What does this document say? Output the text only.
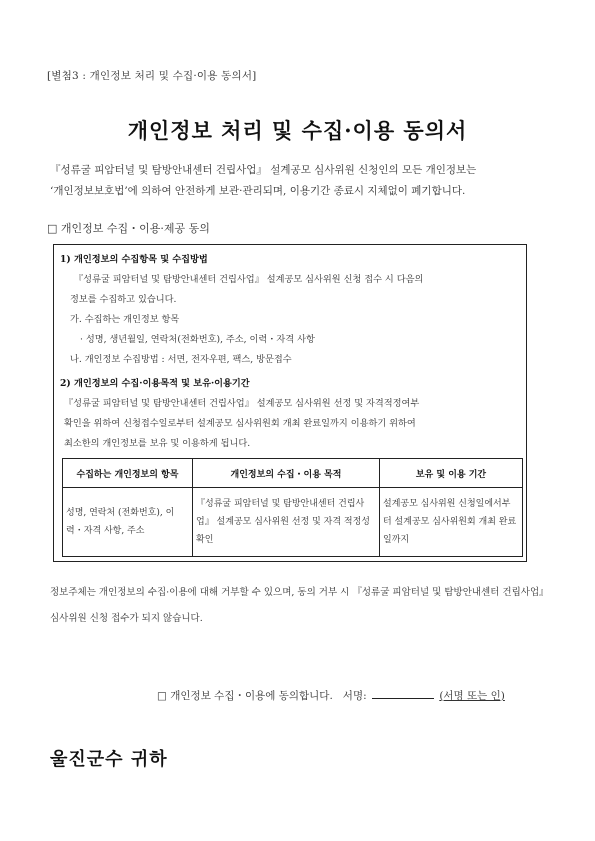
[별첨3 : 개인정보 처리 및 수집·이용 동의서]
개인정보 처리 및 수집·이용 동의서
『성류굴 피암터널 및 탐방안내센터 건립사업』 설계공모 심사위원 신청인의 모든 개인정보는
‘개인정보보호법’에 의하여 안전하게 보관·관리되며, 이용기간 종료시 지체없이 폐기합니다.
□ 개인정보 수집・이용·제공 동의
1) 개인정보의 수집항목 및 수집방법
『성류굴 피암터널 및 탐방안내센터 건립사업』 설계공모 심사위원 신청 접수 시 다음의
정보를 수집하고 있습니다.
가. 수집하는 개인정보 항목
· 성명, 생년월일, 연락처(전화번호), 주소, 이력・자격 사항
나. 개인정보 수집방법 : 서면, 전자우편, 팩스, 방문접수
2) 개인정보의 수집·이용목적 및 보유·이용기간
『성류굴 피암터널 및 탐방안내센터 건립사업』 설계공모 심사위원 선정 및 자격적정여부
확인을 위하여 신청접수일로부터 설계공모 심사위원회 개최 완료일까지 이용하기 위하여
최소한의 개인정보를 보유 및 이용하게 됩니다.
수집하는 개인정보의 항목	개인정보의 수집・이용 목적	보유 및 이용 기간
성명, 연락처 (전화번호), 이력・자격 사항, 주소	『성류굴 피암터널 및 탐방안내센터 건립사업』 설계공모 심사위원 선정 및 자격 적정성 확인	설계공모 심사위원 신청일에서부터 설계공모 심사위원회 개최 완료일까지
정보주체는 개인정보의 수집·이용에 대해 거부할 수 있으며, 동의 거부 시 『성류굴 피암터널 및 탐방안내센터 건립사업』 심사위원 신청 접수가 되지 않습니다.
□ 개인정보 수집・이용에 동의합니다. 서명:	(서명 또는 인)
울진군수 귀하
